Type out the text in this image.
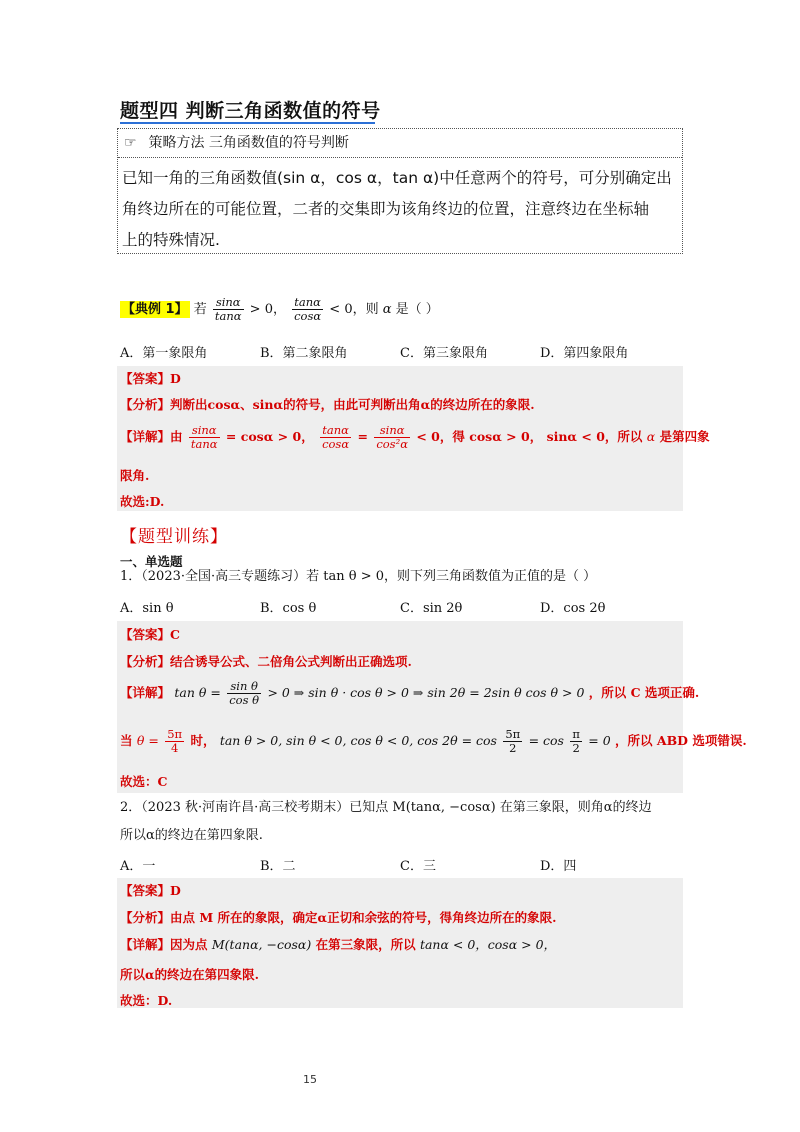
题型四 判断三角函数值的符号
☞ 策略方法 三角函数值的符号判断
已知一角的三角函数值(sin α，cos α，tan α)中任意两个的符号，可分别确定出
角终边所在的可能位置，二者的交集即为该角终边的位置，注意终边在坐标轴
上的特殊情况.
【典例 1】 若 $\frac{\sin\alpha}{\tan\alpha} > 0$， $\frac{\tan\alpha}{\cos\alpha} < 0$，则 α 是（ ）
A．第一象限角	B．第二象限角	C．第三象限角	D．第四象限角
【答案】D
【分析】判断出cosα、sinα的符号，由此可判断出角α的终边所在的象限.
【详解】由 $\frac{\sin\alpha}{\tan\alpha} = \cos\alpha > 0$， $\frac{\tan\alpha}{\cos\alpha} = \frac{\sin\alpha}{\text{cos²α}} < 0$，得 cosα > 0， sinα < 0，所以 α 是第四象
限角.
故选:D.
【题型训练】
一、单选题
1．（2023·全国·高三专题练习）若 tan θ > 0，则下列三角函数值为正值的是（ ）
A．sin θ	B．cos θ	C．sin 2θ	D．cos 2θ
【答案】C
【分析】结合诱导公式、二倍角公式判断出正确选项.
【详解】 $\tan \theta = \frac{\text{sin θ}}{\text{cos θ}} > 0$ ⇒ sin θ · cos θ > 0 ⇒ sin 2θ = 2sin θ cos θ > 0 ，所以 C 选项正确.
当 $\theta = \frac{5\pi}{4}$ 时， tan θ > 0, sin θ < 0, cos θ < 0, $\cos 2\theta = \cos \frac{5\pi}{2} = \cos \frac{\pi}{2} = 0$ ，所以 ABD 选项错误.
故选：C
2．（2023 秋·河南许昌·高三校考期末）已知点 M(tanα, −cosα) 在第三象限，则角α的终边
所以α的终边在第四象限.
A．一	B．二	C．三	D．四
【答案】D
【分析】由点 M 所在的象限，确定α正切和余弦的符号，得角终边所在的象限.
【详解】因为点 M(tanα, −cosα) 在第三象限，所以 tanα < 0，cosα > 0，
所以α的终边在第四象限.
故选：D.
15
